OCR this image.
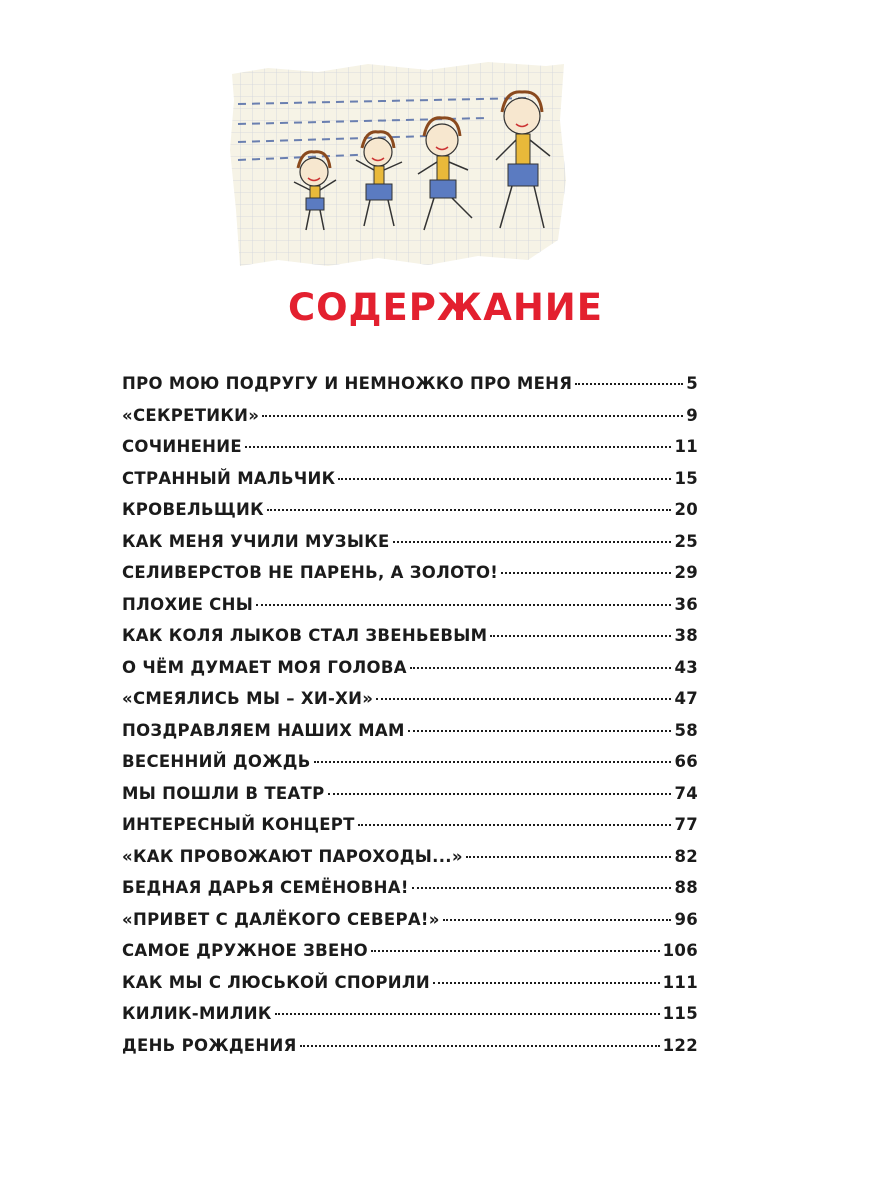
СОДЕРЖАНИЕ
ПРО МОЮ ПОДРУГУ И НЕМНОЖКО ПРО МЕНЯ	5
«СЕКРЕТИКИ»	9
СОЧИНЕНИЕ	11
СТРАННЫЙ МАЛЬЧИК	15
КРОВЕЛЬЩИК	20
КАК МЕНЯ УЧИЛИ МУЗЫКЕ	25
СЕЛИВЕРСТОВ НЕ ПАРЕНЬ, А ЗОЛОТО!	29
ПЛОХИЕ СНЫ	36
КАК КОЛЯ ЛЫКОВ СТАЛ ЗВЕНЬЕВЫМ	38
О ЧЁМ ДУМАЕТ МОЯ ГОЛОВА	43
«СМЕЯЛИСЬ МЫ – ХИ-ХИ»	47
ПОЗДРАВЛЯЕМ НАШИХ МАМ	58
ВЕСЕННИЙ ДОЖДЬ	66
МЫ ПОШЛИ В ТЕАТР	74
ИНТЕРЕСНЫЙ КОНЦЕРТ	77
«КАК ПРОВОЖАЮТ ПАРОХОДЫ...»	82
БЕДНАЯ ДАРЬЯ СЕМЁНОВНА!	88
«ПРИВЕТ С ДАЛЁКОГО СЕВЕРА!»	96
САМОЕ ДРУЖНОЕ ЗВЕНО	106
КАК МЫ С ЛЮСЬКОЙ СПОРИЛИ	111
КИЛИК-МИЛИК	115
ДЕНЬ РОЖДЕНИЯ	122
